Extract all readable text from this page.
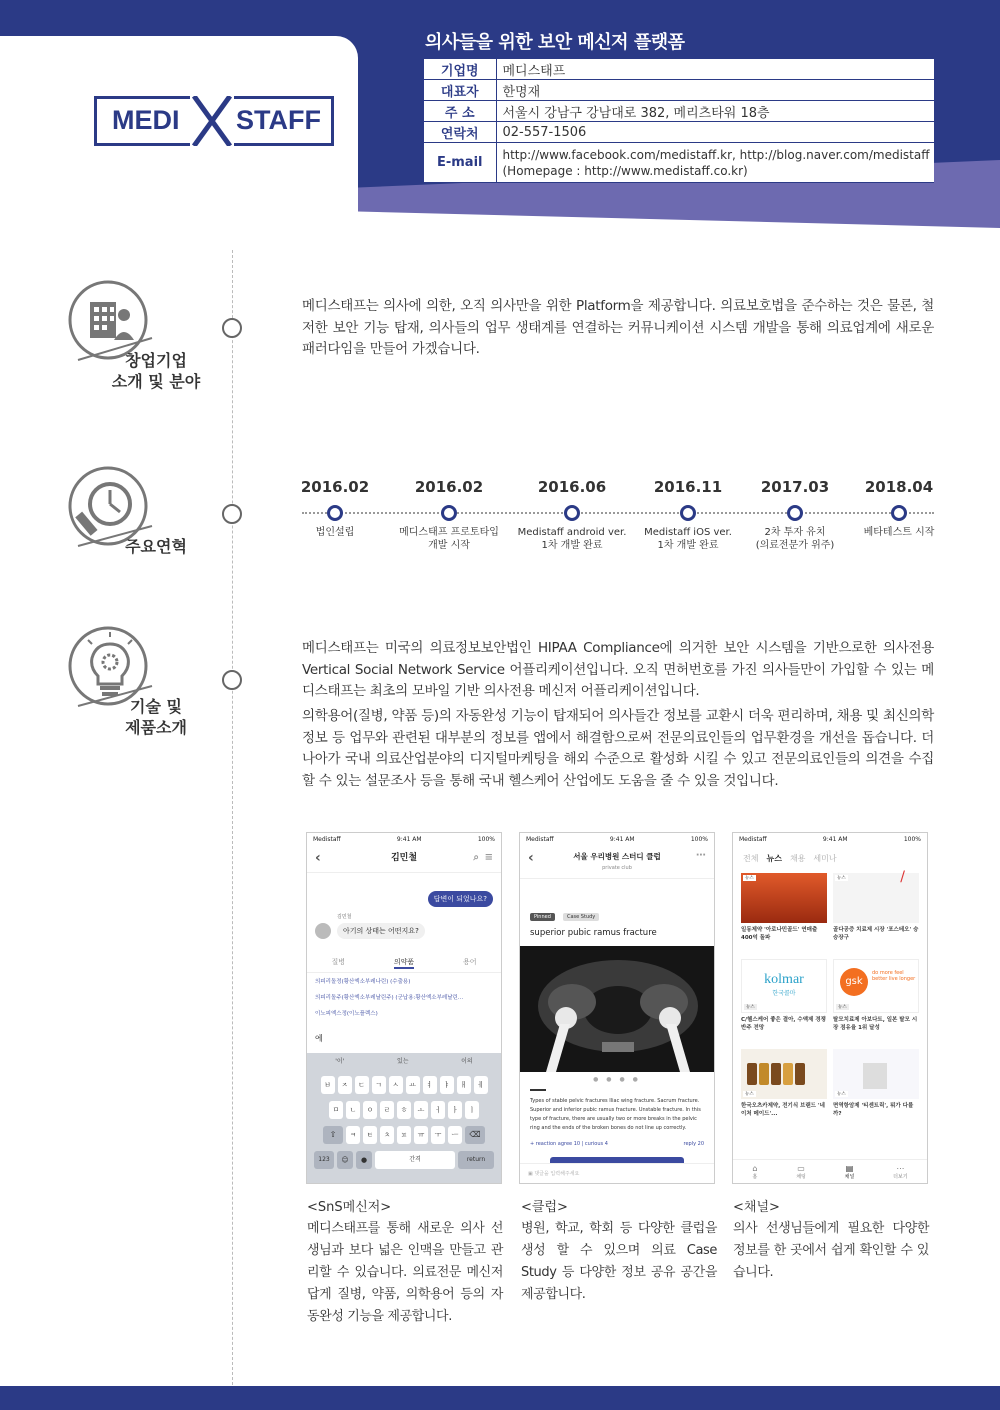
MEDI STAFF
의사들을 위한 보안 메신저 플랫폼
기업명	메디스태프
대표자	한명재
주 소	서울시 강남구 강남대로 382, 메리츠타워 18층
연락처	02-557-1506
E-mail	http://www.facebook.com/medistaff.kr, http://blog.naver.com/medistaff
(Homepage : http://www.medistaff.co.kr)
창업기업
소개 및 분야
주요연혁
기술 및
제품소개
메디스태프는 의사에 의한, 오직 의사만을 위한 Platform을 제공합니다. 의료보호법을 준수하는 것은 물론, 철저한 보안 기능 탑재, 의사들의 업무 생태계를 연결하는 커뮤니케이션 시스템 개발을 통해 의료업계에 새로운 패러다임을 만들어 가겠습니다.
2016.02
법인설립
2016.02
메디스태프 프로토타입
개발 시작
2016.06
Medistaff android ver.
1차 개발 완료
2016.11
Medistaff iOS ver.
1차 개발 완료
2017.03
2차 투자 유치
(의료전문가 위주)
2018.04
베타테스트 시작
메디스태프는 미국의 의료정보보안법인 HIPAA Compliance에 의거한 보안 시스템을 기반으로한 의사전용 Vertical Social Network Service 어플리케이션입니다. 오직 면허번호를 가진 의사들만이 가입할 수 있는 메디스태프는 최초의 모바일 기반 의사전용 메신저 어플리케이션입니다.
의학용어(질병, 약품 등)의 자동완성 기능이 탑재되어 의사들간 정보를 교환시 더욱 편리하며, 채용 및 최신의학정보 등 업무와 관련된 대부분의 정보를 앱에서 해결함으로써 전문의료인들의 업무환경을 개선을 돕습니다. 더 나아가 국내 의료산업분야의 디지털마케팅을 해외 수준으로 활성화 시킬 수 있고 전문의료인들의 의견을 수집할 수 있는 설문조사 등을 통해 국내 헬스케어 산업에도 도움을 줄 수 있을 것입니다.
Medistaff	9:41 AM	100%
‹	김민철	⌕ ≡
답변이 되었나요?
김민철
아기의 상태는 어떤지요?
질병	의약품	용어
의피리돌정(황산엑소부레나린) (수출용)
의피리돌주(황산엑소부레날린주) (군납용:황산엑소부레날린...
이노피엑스정(이노플렉스)
에
'이'	있는	이의
ㅂ	ㅈ	ㄷ	ㄱ	ㅅ	ㅛ	ㅕ	ㅑ	ㅐ	ㅔ
ㅁ	ㄴ	ㅇ	ㄹ	ㅎ	ㅗ	ㅓ	ㅏ	ㅣ
⇧	ㅋ	ㅌ	ㅊ	ㅍ	ㅠ	ㅜ	ㅡ	⌫
123	☺	●	간격	return
Medistaff	9:41 AM	100%
‹	서울 우리병원 스터디 클럽
private club
⋯
Pinned	Case Study
superior pubic ramus fracture
● ● ● ●
Types of stable pelvic fractures Iliac wing fracture. Sacrum fracture. Superior and inferior pubic ramus fracture. Unstable fracture. In this type of fracture, there are usually two or more breaks in the pelvic ring and the ends of the broken bones do not line up correctly.
+ reaction agree 10 | curious 4	reply 20
▣ 댓글을 입력해주세요
Medistaff	9:41 AM	100%
전체 뉴스 채용 세미나
뉴스
일동제약 '아로나민골드' 연매출 400억 돌파
뉴스	/
골다공증 치료제 시장 '포스테오' 승승장구
kolmar
한국콜마
뉴스
C/헬스케어 좋은 결아, 수액제 경쟁반주 전망
gsk
do more feel better live longer
뉴스
탈모치료제 아보다트, 일본 탈모 시장 점유율 1위 달성
뉴스
한국오츠카제약, 전기식 브랜드 '네이처 메이드'...
뉴스
면역항암제 '티센트릭', 뭐가 다를까?
⌂
홈
▭
채팅
▤
채널
⋯
더보기
<SnS메신저>
메디스태프를 통해 새로운 의사 선생님과 보다 넓은 인맥을 만들고 관리할 수 있습니다. 의료전문 메신저답게 질병, 약품, 의학용어 등의 자동완성 기능을 제공합니다.
<클럽>
병원, 학교, 학회 등 다양한 클럽을 생성 할 수 있으며 의료 Case Study 등 다양한 정보 공유 공간을 제공합니다.
<채널>
의사 선생님들에게 필요한 다양한 정보를 한 곳에서 쉽게 확인할 수 있습니다.
